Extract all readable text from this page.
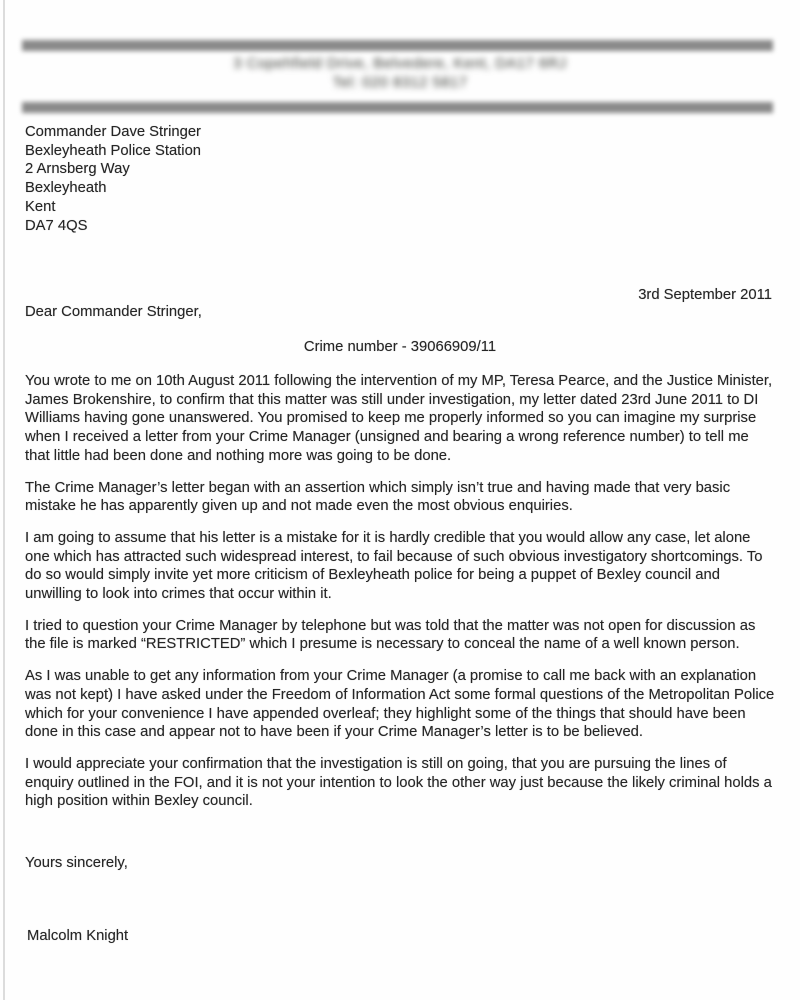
3 Copehfield Drive, Belvedere, Kent, DA17 6RJ
Tel: 020 8312 5817
Commander Dave Stringer
Bexleyheath Police Station
2 Arnsberg Way
Bexleyheath
Kent
DA7 4QS
3rd September 2011
Dear Commander Stringer,
Crime number - 39066909/11

You wrote to me on 10th August 2011 following the intervention of my MP, Teresa Pearce, and the Justice Minister, James Brokenshire, to confirm that this matter was still under investigation, my letter dated 23rd June 2011 to DI Williams having gone unanswered. You promised to keep me properly informed so you can imagine my surprise when I received a letter from your Crime Manager (unsigned and bearing a wrong reference number) to tell me that little had been done and nothing more was going to be done.

The Crime Manager’s letter began with an assertion which simply isn’t true and having made that very basic mistake he has apparently given up and not made even the most obvious enquiries.

I am going to assume that his letter is a mistake for it is hardly credible that you would allow any case, let alone one which has attracted such widespread interest, to fail because of such obvious investigatory shortcomings. To do so would simply invite yet more criticism of Bexleyheath police for being a puppet of Bexley council and unwilling to look into crimes that occur within it.

I tried to question your Crime Manager by telephone but was told that the matter was not open for discussion as the file is marked “RESTRICTED” which I presume is necessary to conceal the name of a well known person.

As I was unable to get any information from your Crime Manager (a promise to call me back with an explanation was not kept) I have asked under the Freedom of Information Act some formal questions of the Metropolitan Police which for your convenience I have appended overleaf; they highlight some of the things that should have been done in this case and appear not to have been if your Crime Manager’s letter is to be believed.

I would appreciate your confirmation that the investigation is still on going, that you are pursuing the lines of enquiry outlined in the FOI, and it is not your intention to look the other way just because the likely criminal holds a high position within Bexley council.

Yours sincerely,
Malcolm Knight
